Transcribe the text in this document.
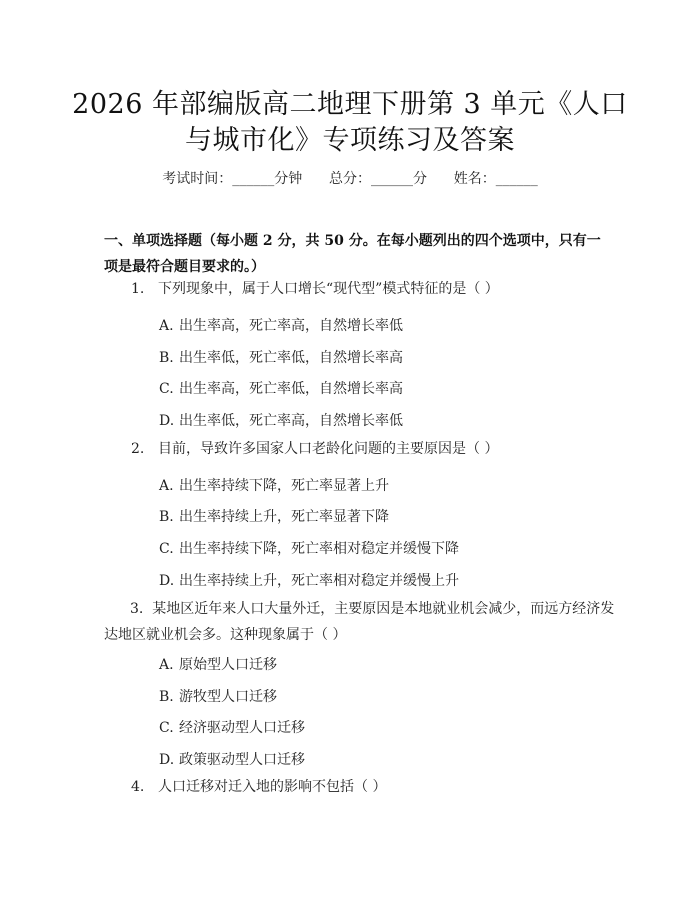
2026 年部编版高二地理下册第 3 单元《人口
与城市化》专项练习及答案
考试时间：______分钟      总分：______分      姓名：______
一、单项选择题（每小题 2 分，共 50 分。在每小题列出的四个选项中，只有一项是最符合题目要求的。）
1. 下列现象中，属于人口增长“现代型”模式特征的是（ ）
A. 出生率高，死亡率高，自然增长率低
B. 出生率低，死亡率低，自然增长率高
C. 出生率高，死亡率低，自然增长率高
D. 出生率低，死亡率高，自然增长率低
2. 目前，导致许多国家人口老龄化问题的主要原因是（ ）
A. 出生率持续下降，死亡率显著上升
B. 出生率持续上升，死亡率显著下降
C. 出生率持续下降，死亡率相对稳定并缓慢下降
D. 出生率持续上升，死亡率相对稳定并缓慢上升
3. 某地区近年来人口大量外迁，主要原因是本地就业机会减少，而远方经济发达地区就业机会多。这种现象属于（ ）
A. 原始型人口迁移
B. 游牧型人口迁移
C. 经济驱动型人口迁移
D. 政策驱动型人口迁移
4. 人口迁移对迁入地的影响不包括（ ）
